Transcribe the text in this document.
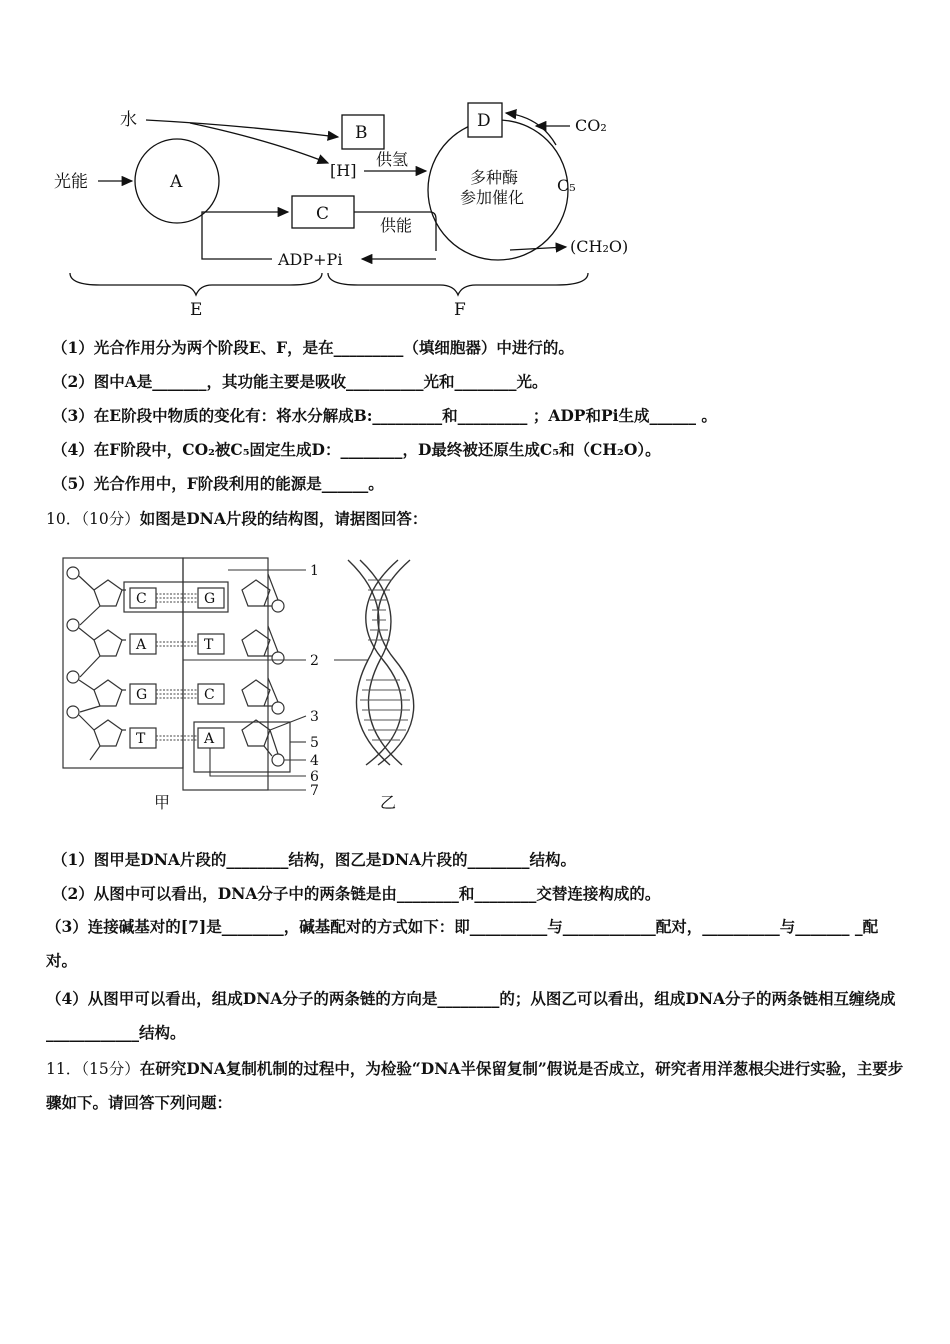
水
光能	A
B
[H]
供氢
C
供能
ADP+Pi
多种酶
参加催化
D	CO₂
C₅
(CH₂O)
E	F
（1）光合作用分为两个阶段E、F，是在_________（填细胞器）中进行的。
（2）图中A是_______，其功能主要是吸收__________光和________光。
（3）在E阶段中物质的变化有：将水分解成B:_________和_________ ；ADP和Pi生成______ 。
（4）在F阶段中，CO₂被C₅固定生成D：________，D最终被还原生成C₅和（CH₂O）。
（5）光合作用中，F阶段利用的能源是______。
10．（10分）如图是DNA片段的结构图，请据图回答：
C
A
G
T
G
T
C
A
1
2
3
5
4
6
7
甲	乙
（1）图甲是DNA片段的________结构，图乙是DNA片段的________结构。
（2）从图中可以看出，DNA分子中的两条链是由________和________交替连接构成的。
（3）连接碱基对的[7]是________，碱基配对的方式如下：即__________与____________配对，__________与_______ _配对。
（4）从图甲可以看出，组成DNA分子的两条链的方向是________的；从图乙可以看出，组成DNA分子的两条链相互缠绕成____________结构。
11．（15分）在研究DNA复制机制的过程中，为检验“DNA半保留复制”假说是否成立，研究者用洋葱根尖进行实验，主要步骤如下。请回答下列问题：
